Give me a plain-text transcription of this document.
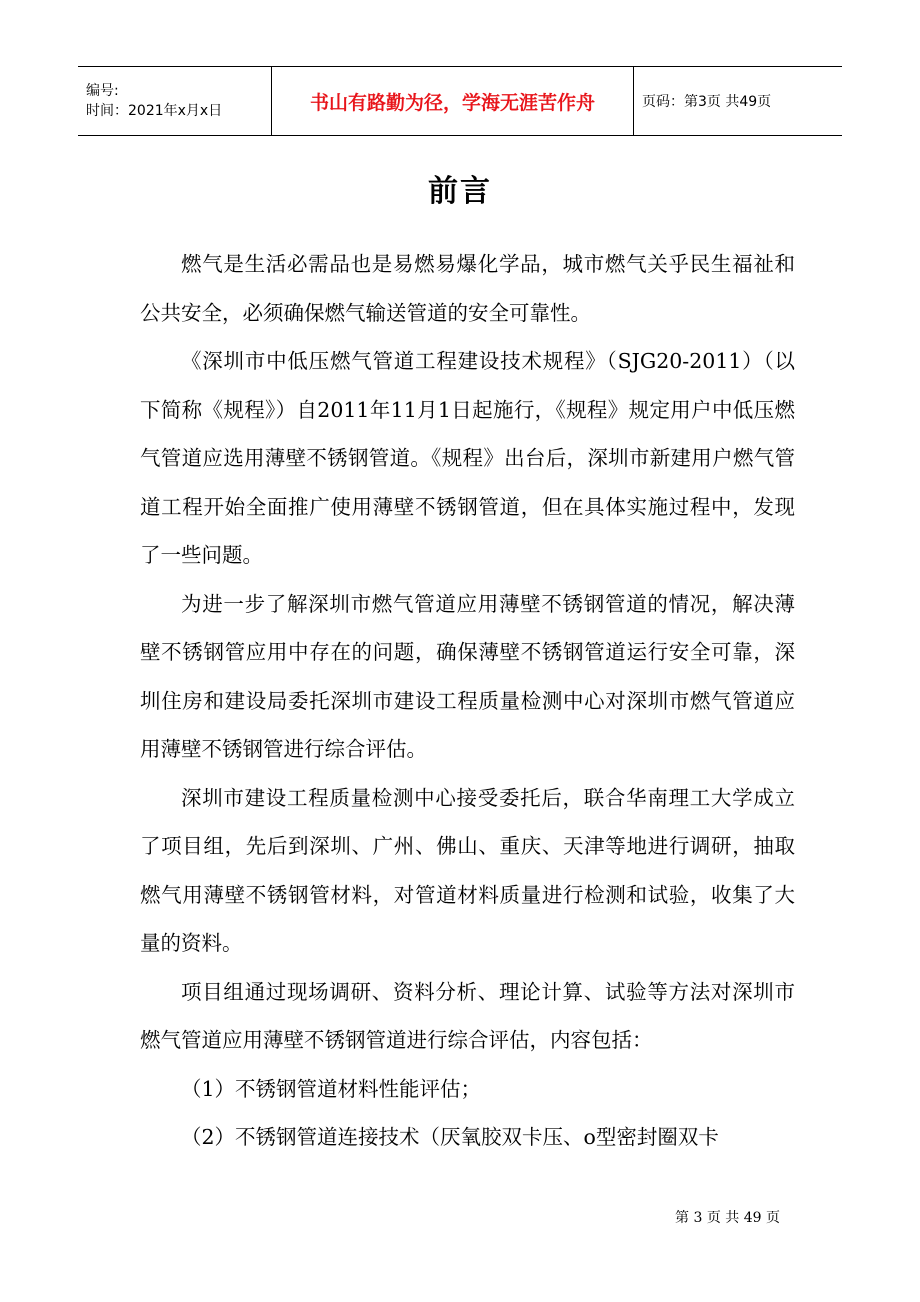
编号:
时间：2021年x月x日	书山有路勤为径，学海无涯苦作舟	页码：第3页 共49页
前言

燃气是生活必需品也是易燃易爆化学品，城市燃气关乎民生福祉和公共安全，必须确保燃气输送管道的安全可靠性。

《深圳市中低压燃气管道工程建设技术规程》（SJG20-2011）（以下简称《规程》）自2011年11月1日起施行，《规程》规定用户中低压燃气管道应选用薄壁不锈钢管道。《规程》出台后，深圳市新建用户燃气管道工程开始全面推广使用薄壁不锈钢管道，但在具体实施过程中，发现了一些问题。

为进一步了解深圳市燃气管道应用薄壁不锈钢管道的情况，解决薄壁不锈钢管应用中存在的问题，确保薄壁不锈钢管道运行安全可靠，深圳住房和建设局委托深圳市建设工程质量检测中心对深圳市燃气管道应用薄壁不锈钢管进行综合评估。

深圳市建设工程质量检测中心接受委托后，联合华南理工大学成立了项目组，先后到深圳、广州、佛山、重庆、天津等地进行调研，抽取燃气用薄壁不锈钢管材料，对管道材料质量进行检测和试验，收集了大量的资料。

项目组通过现场调研、资料分析、理论计算、试验等方法对深圳市燃气管道应用薄壁不锈钢管道进行综合评估，内容包括：

（1）不锈钢管道材料性能评估；

（2）不锈钢管道连接技术（厌氧胶双卡压、o型密封圈双卡

第 3 页 共 49 页
